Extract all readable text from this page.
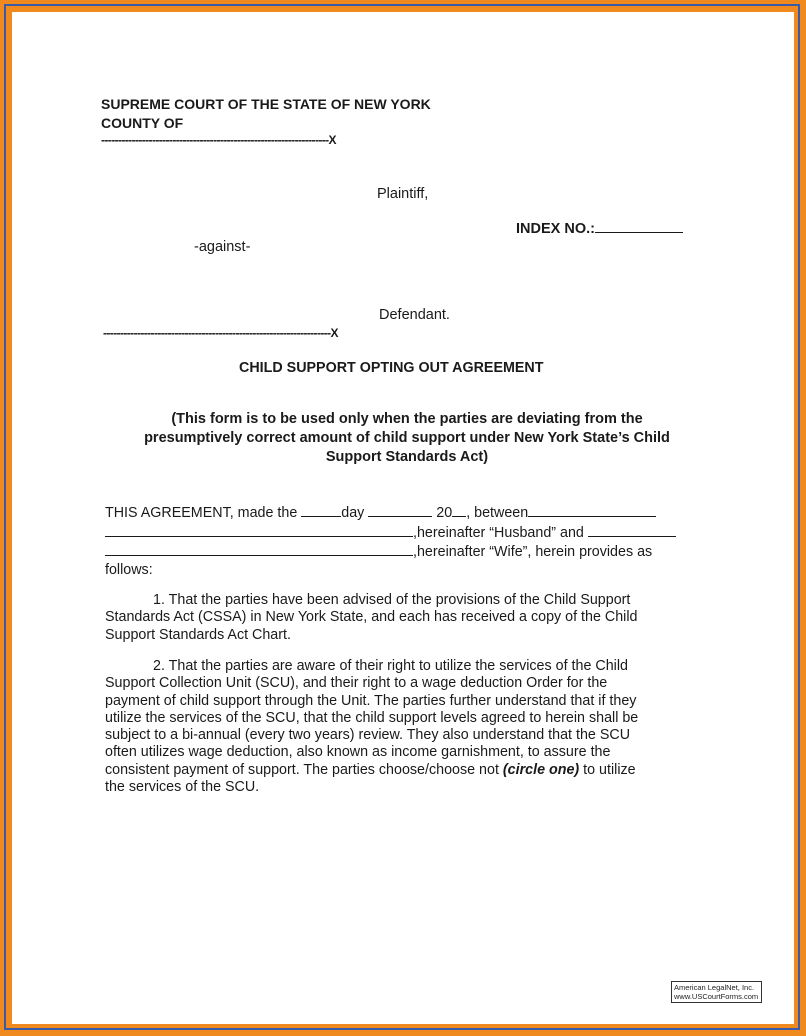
SUPREME COURT OF THE STATE OF NEW YORK
COUNTY OF
-------------------------------------------------------------------X
Plaintiff,
INDEX NO.:
-against-
Defendant.
-------------------------------------------------------------------X
CHILD SUPPORT OPTING OUT AGREEMENT
(This form is to be used only when the parties are deviating from the
presumptively correct amount of child support under New York State’s Child
Support Standards Act)

THIS AGREEMENT, made the	day	20 , between

,hereinafter “Husband” and

,hereinafter “Wife”, herein provides as

follows:

1. That the parties have been advised of the provisions of the Child Support

Standards Act (CSSA) in New York State, and each has received a copy of the Child

Support Standards Act Chart.

2. That the parties are aware of their right to utilize the services of the Child

Support Collection Unit (SCU), and their right to a wage deduction Order for the

payment of child support through the Unit. The parties further understand that if they

utilize the services of the SCU, that the child support levels agreed to herein shall be

subject to a bi-annual (every two years) review. They also understand that the SCU

often utilizes wage deduction, also known as income garnishment, to assure the

consistent payment of support. The parties choose/choose not (circle one) to utilize

the services of the SCU.

American LegalNet, Inc.
www.USCourtForms.com
